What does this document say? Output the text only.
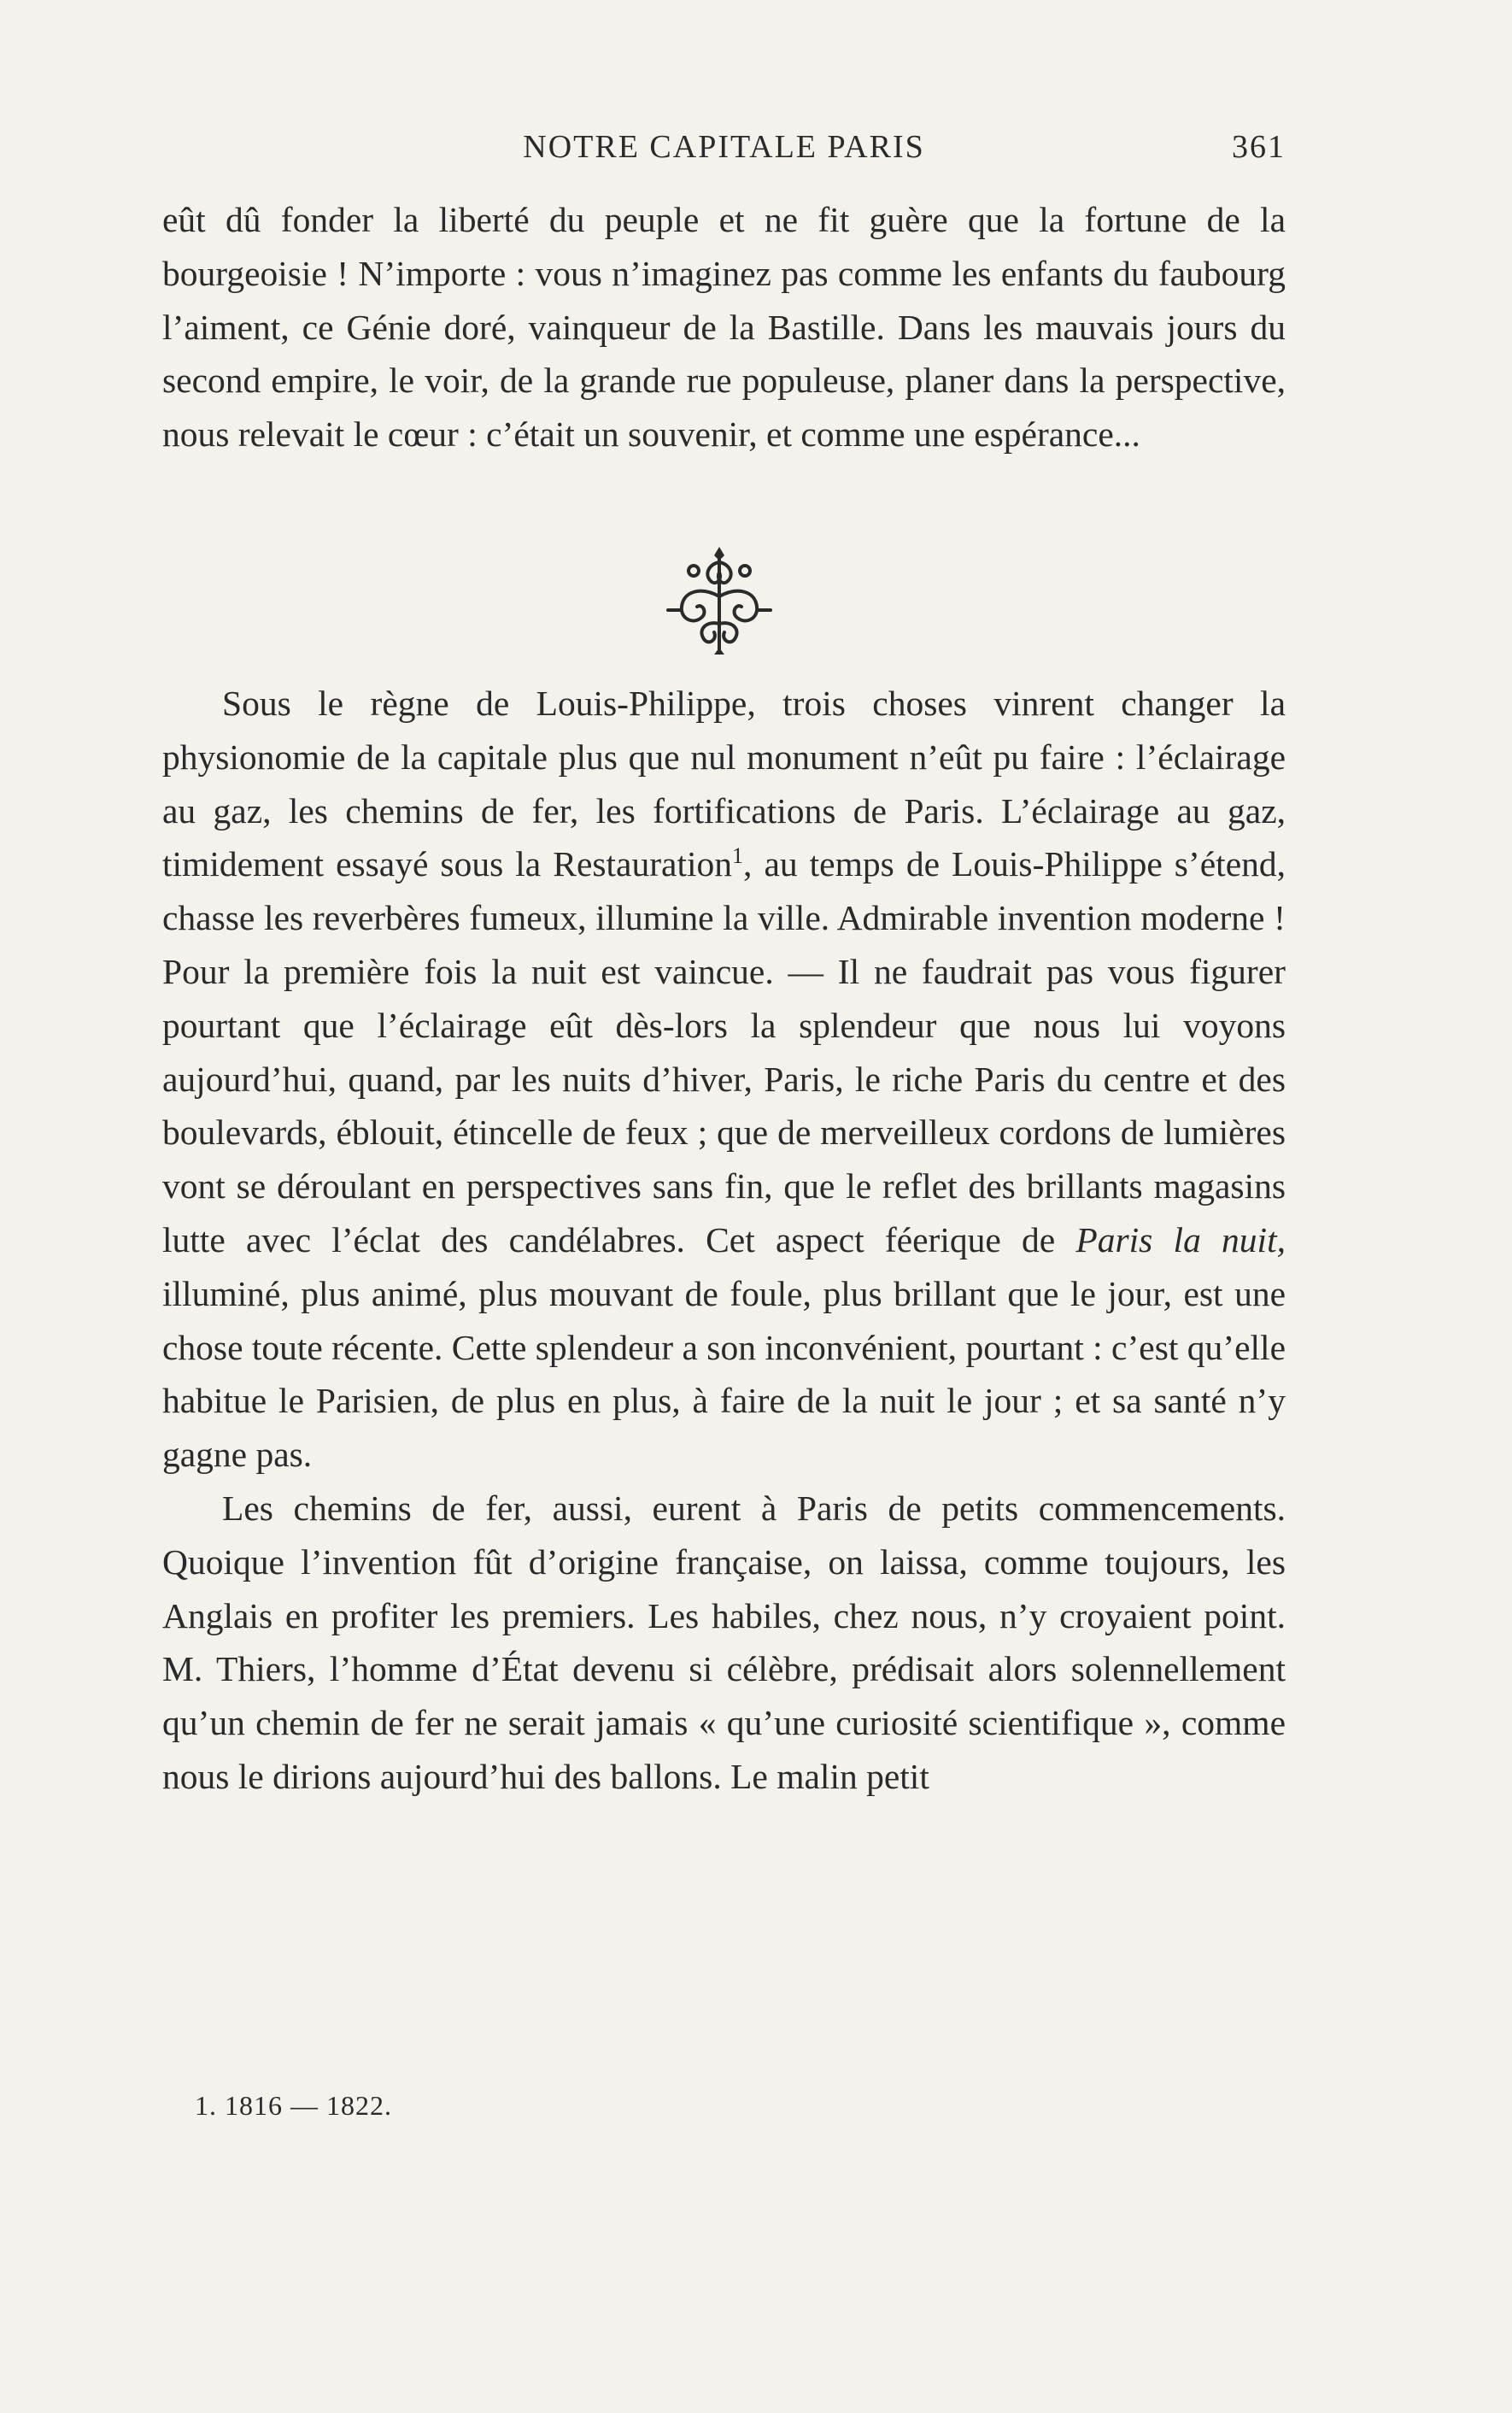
NOTRE CAPITALE PARIS	361

eût dû fonder la liberté du peuple et ne fit guère que la fortune de la bourgeoisie ! N’importe : vous n’imaginez pas comme les enfants du faubourg l’aiment, ce Génie doré, vainqueur de la Bastille. Dans les mauvais jours du second empire, le voir, de la grande rue populeuse, planer dans la perspective, nous relevait le cœur : c’était un souvenir, et comme une espérance...

Sous le règne de Louis-Philippe, trois choses vinrent changer la physionomie de la capitale plus que nul monument n’eût pu faire : l’éclairage au gaz, les chemins de fer, les fortifications de Paris. L’éclairage au gaz, timidement essayé sous la Restauration$^1$, au temps de Louis-Philippe s’étend, chasse les reverbères fumeux, illumine la ville. Admirable invention moderne ! Pour la première fois la nuit est vaincue. — Il ne faudrait pas vous figurer pourtant que l’éclairage eût dès-lors la splendeur que nous lui voyons aujourd’hui, quand, par les nuits d’hiver, Paris, le riche Paris du centre et des boulevards, éblouit, étincelle de feux ; que de merveilleux cordons de lumières vont se déroulant en perspectives sans fin, que le reflet des brillants magasins lutte avec l’éclat des candélabres. Cet aspect féerique de Paris la nuit, illuminé, plus animé, plus mouvant de foule, plus brillant que le jour, est une chose toute récente. Cette splendeur a son inconvénient, pourtant : c’est qu’elle habitue le Parisien, de plus en plus, à faire de la nuit le jour ; et sa santé n’y gagne pas.

Les chemins de fer, aussi, eurent à Paris de petits commencements. Quoique l’invention fût d’origine française, on laissa, comme toujours, les Anglais en profiter les premiers. Les habiles, chez nous, n’y croyaient point. M. Thiers, l’homme d’État devenu si célèbre, prédisait alors solennellement qu’un chemin de fer ne serait jamais « qu’une curiosité scientifique », comme nous le dirions aujourd’hui des ballons. Le malin petit

1. 1816 — 1822.
